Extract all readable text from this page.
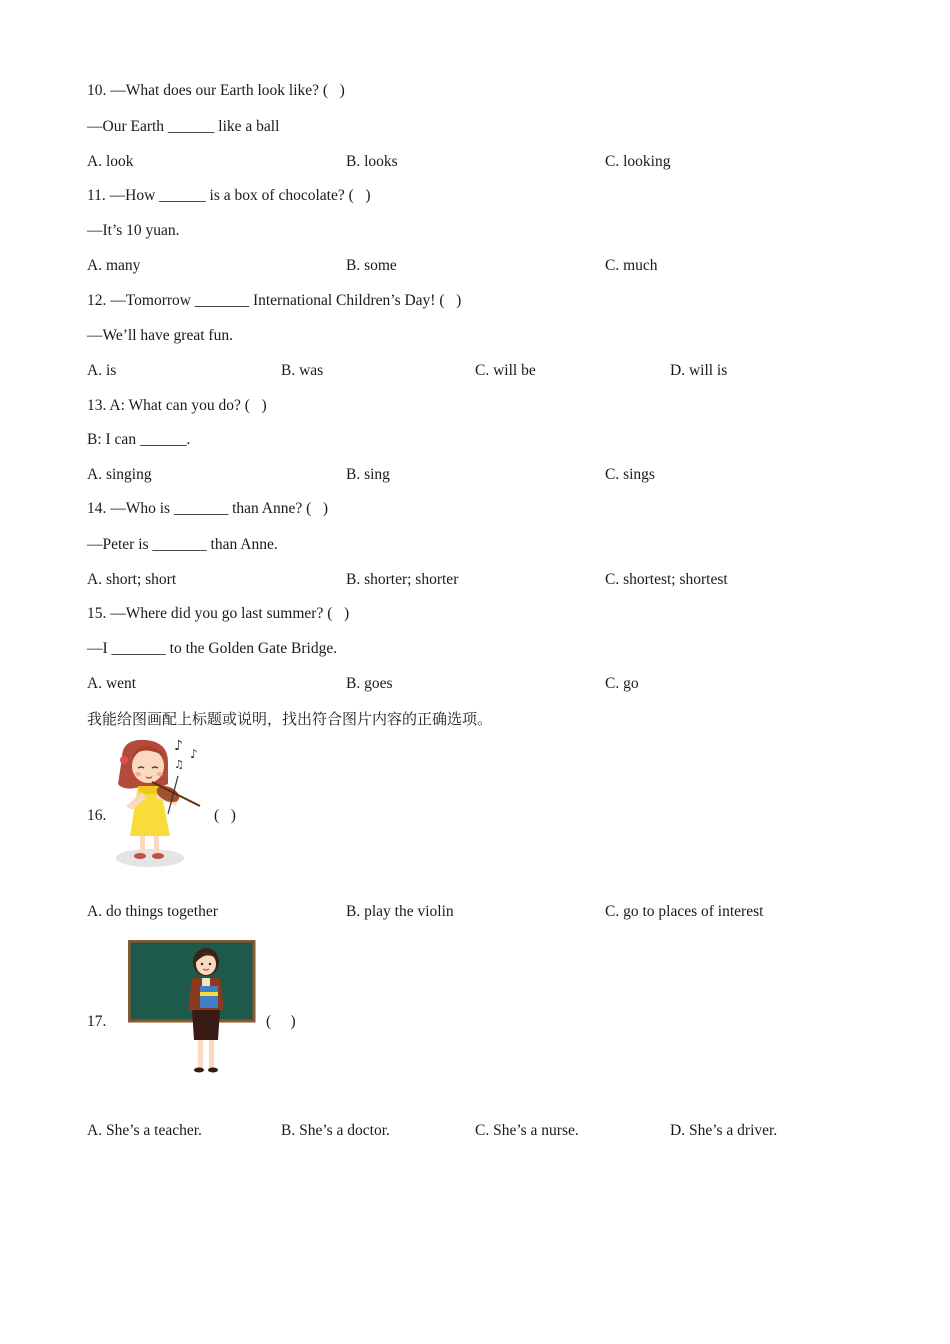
10. —What does our Earth look like? (   )
—Our Earth ______ like a ball
A. look	B. looks	C. looking
11. —How ______ is a box of chocolate? (   )
—It’s 10 yuan.
A. many	B. some	C. much
12. —Tomorrow _______ International Children’s Day! (   )
—We’ll have great fun.
A. is	B. was	C. will be	D. will is
13. A: What can you do? (   )
B: I can ______.
A. singing	B. sing	C. sings
14. —Who is _______ than Anne? (   )
—Peter is _______ than Anne.
A. short; short	B. shorter; shorter	C. shortest; shortest
15. —Where did you go last summer? (   )
—I _______ to the Golden Gate Bridge.
A. went	B. goes	C. go
我能给图画配上标题或说明，找出符合图片内容的正确选项。
16.
♪ ♪
♫
(   )
A. do things together	B. play the violin	C. go to places of interest
17.	(     )
A. She’s a teacher.	B. She’s a doctor.	C. She’s a nurse.	D. She’s a driver.
